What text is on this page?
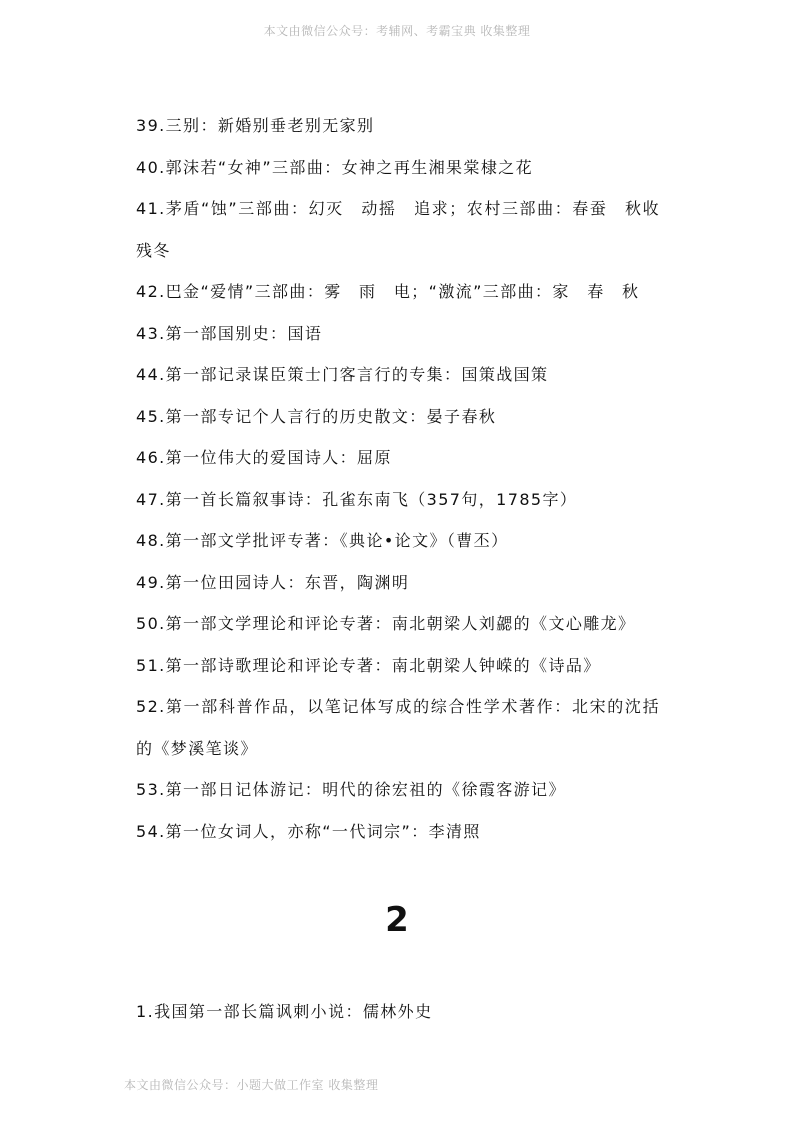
本文由微信公众号：考辅网、考霸宝典 收集整理
39.三别：新婚别垂老别无家别
40.郭沫若“女神”三部曲：女神之再生湘果棠棣之花
41.茅盾“蚀”三部曲：幻灭　动摇　追求；农村三部曲：春蚕　秋收　残冬
42.巴金“爱情”三部曲：雾　雨　电；“激流”三部曲：家　春　秋
43.第一部国别史：国语
44.第一部记录谋臣策士门客言行的专集：国策战国策
45.第一部专记个人言行的历史散文：晏子春秋
46.第一位伟大的爱国诗人：屈原
47.第一首长篇叙事诗：孔雀东南飞（357句，1785字）
48.第一部文学批评专著：《典论•论文》（曹丕）
49.第一位田园诗人：东晋，陶渊明
50.第一部文学理论和评论专著：南北朝梁人刘勰的《文心雕龙》
51.第一部诗歌理论和评论专著：南北朝梁人钟嵘的《诗品》
52.第一部科普作品，以笔记体写成的综合性学术著作：北宋的沈括的《梦溪笔谈》
53.第一部日记体游记：明代的徐宏祖的《徐霞客游记》
54.第一位女词人，亦称“一代词宗”：李清照
2
1.我国第一部长篇讽刺小说：儒林外史
本文由微信公众号：小题大做工作室 收集整理
